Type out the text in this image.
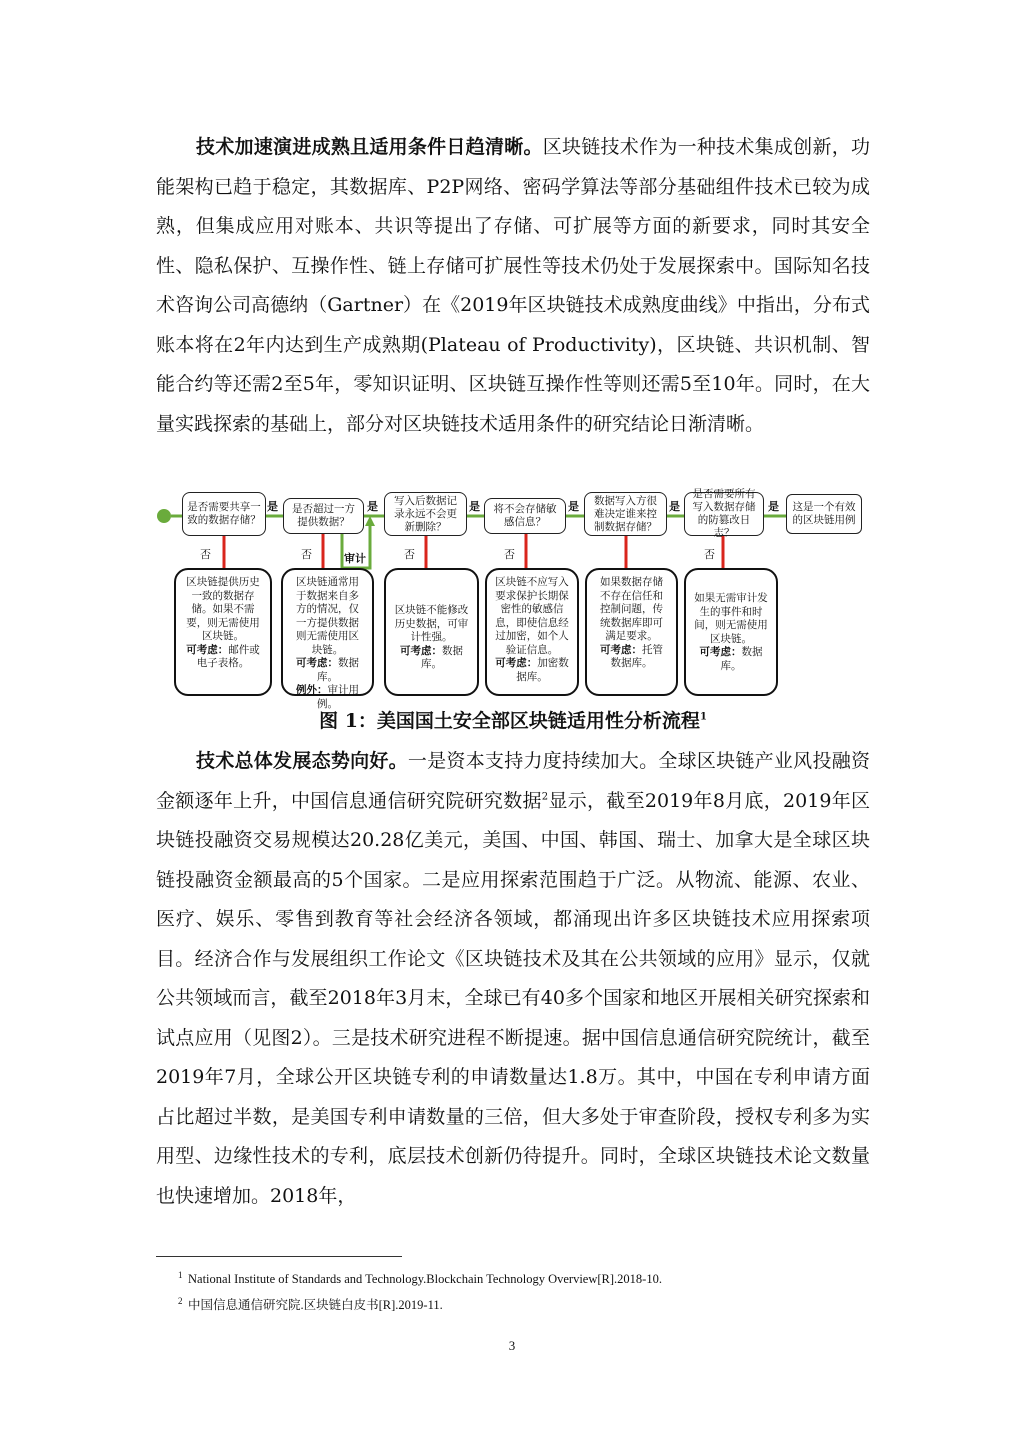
技术加速演进成熟且适用条件日趋清晰。区块链技术作为一种技术集成创新，功能架构已趋于稳定，其数据库、P2P网络、密码学算法等部分基础组件技术已较为成熟，但集成应用对账本、共识等提出了存储、可扩展等方面的新要求，同时其安全性、隐私保护、互操作性、链上存储可扩展性等技术仍处于发展探索中。国际知名技术咨询公司高德纳（Gartner）在《2019年区块链技术成熟度曲线》中指出，分布式账本将在2年内达到生产成熟期(Plateau of Productivity)，区块链、共识机制、智能合约等还需2至5年，零知识证明、区块链互操作性等则还需5至10年。同时，在大量实践探索的基础上，部分对区块链技术适用条件的研究结论日渐清晰。

是否需要共享一致的数据存储？
是否超过一方提供数据？
写入后数据记录永远不会更新删除？
将不会存储敏感信息？
数据写入方很难决定谁来控制数据存储？
是否需要所有写入数据存储的防篡改日志？
这是一个有效的区块链用例
是	是	是	是	是	是
否	否	否	否	否
审计
区块链提供历史一致的数据存储。如果不需要，则无需使用区块链。
可考虑：邮件或电子表格。
区块链通常用于数据来自多方的情况，仅一方提供数据则无需使用区块链。
可考虑：数据库。
例外：审计用例。
区块链不能修改历史数据，可审计性强。
可考虑：数据库。
区块链不应写入要求保护长期保密性的敏感信息，即使信息经过加密，如个人验证信息。
可考虑：加密数据库。
如果数据存储不存在信任和控制问题，传统数据库即可满足要求。
可考虑：托管数据库。
如果无需审计发生的事件和时间，则无需使用区块链。
可考虑：数据库。
图 1：美国国土安全部区块链适用性分析流程$^1$

技术总体发展态势向好。一是资本支持力度持续加大。全球区块链产业风投融资金额逐年上升，中国信息通信研究院研究数据$^2$显示，截至2019年8月底，2019年区块链投融资交易规模达20.28亿美元，美国、中国、韩国、瑞士、加拿大是全球区块链投融资金额最高的5个国家。二是应用探索范围趋于广泛。从物流、能源、农业、医疗、娱乐、零售到教育等社会经济各领域，都涌现出许多区块链技术应用探索项目。经济合作与发展组织工作论文《区块链技术及其在公共领域的应用》显示，仅就公共领域而言，截至2018年3月末，全球已有40多个国家和地区开展相关研究探索和试点应用（见图2）。三是技术研究进程不断提速。据中国信息通信研究院统计，截至2019年7月，全球公开区块链专利的申请数量达1.8万。其中，中国在专利申请方面占比超过半数，是美国专利申请数量的三倍，但大多处于审查阶段，授权专利多为实用型、边缘性技术的专利，底层技术创新仍待提升。同时，全球区块链技术论文数量也快速增加。2018年，

1 National Institute of Standards and Technology.Blockchain Technology Overview[R].2018-10.
2 中国信息通信研究院.区块链白皮书[R].2019-11.
3
